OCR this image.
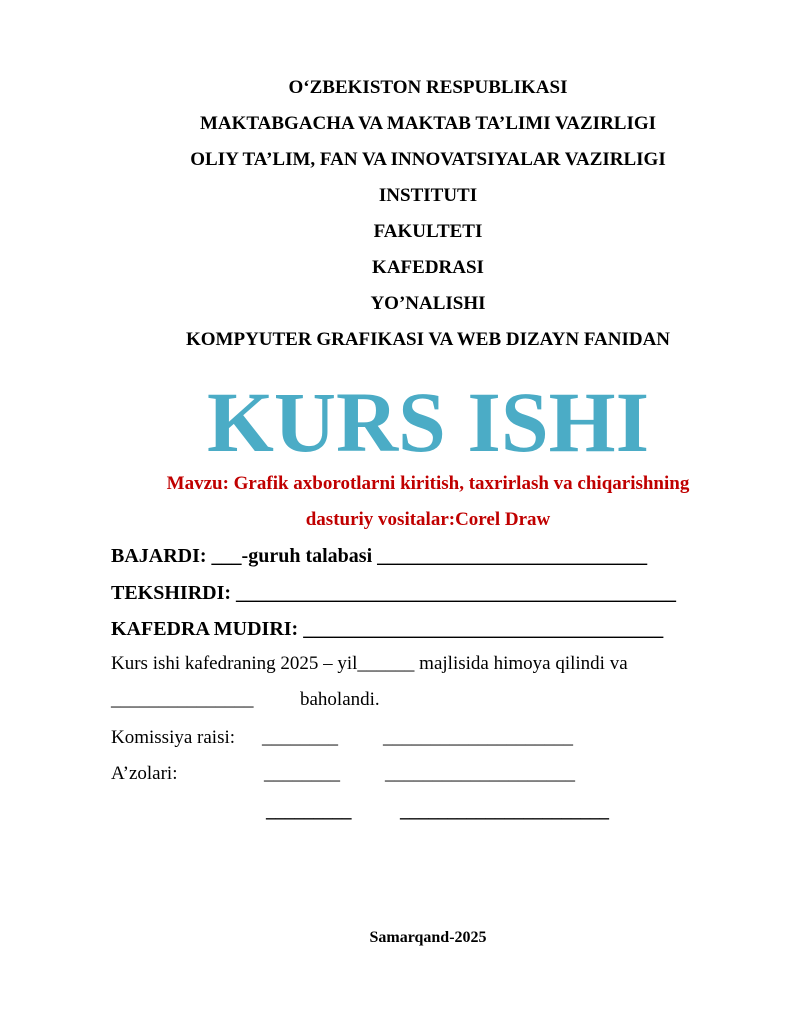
O‘ZBEKISTON RESPUBLIKASI
MAKTABGACHA VA MAKTAB TA’LIMI VAZIRLIGI
OLIY TA’LIM, FAN VA INNOVATSIYALAR VAZIRLIGI
INSTITUTI
FAKULTETI
KAFEDRASI
YO’NALISHI
KOMPYUTER GRAFIKASI VA WEB DIZAYN FANIDAN
KURS ISHI
Mavzu: Grafik axborotlarni kiritish, taxrirlash va chiqarishning
dasturiy vositalar:Corel Draw
BAJARDI: ___-guruh talabasi ___________________________
TEKSHIRDI: ____________________________________________
KAFEDRA MUDIRI: ____________________________________
Kurs ishi kafedraning 2025 – yil______ majlisida himoya qilindi va
_______________ baholandi.
Komissiya raisi: ________ ____________________
A’zolari:	________ ____________________
_________	______________________
Samarqand-2025
